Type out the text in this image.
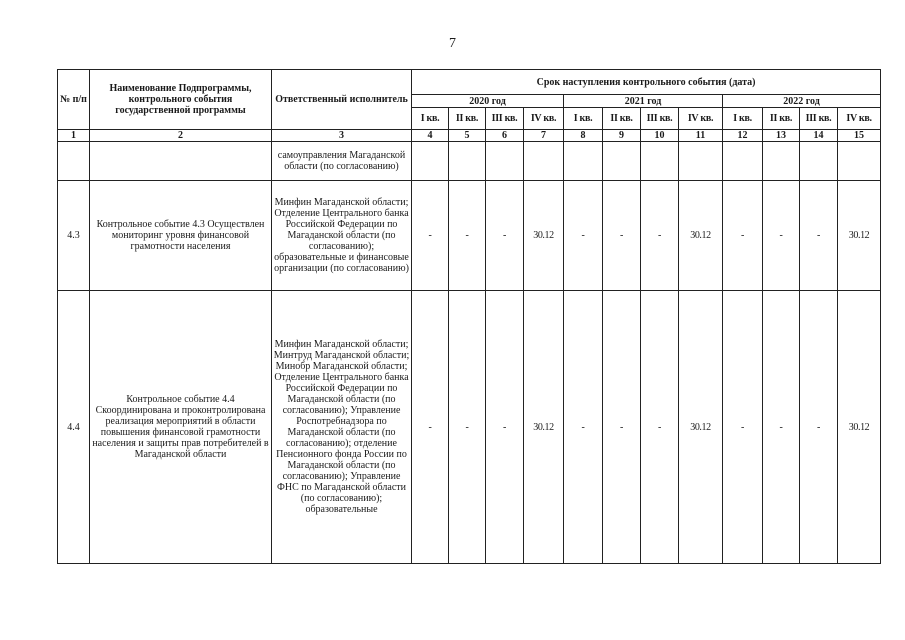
7
№ п/п	Наименование Подпрограммы, контрольного события государственной программы	Ответственный исполнитель	Срок наступления контрольного события (дата)											
			2020 год				2021 год				2022 год			
			I кв.	II кв.	III кв.	IV кв.	I кв.	II кв.	III кв.	IV кв.	I кв.	II кв.	III кв.	IV кв.
1	2	3	4	5	6	7	8	9	10	11	12	13	14	15
		самоуправления Магаданской области (по согласованию)												
4.3	Контрольное событие 4.3 Осуществлен мониторинг уровня финансовой грамотности населения	Минфин Магаданской области; Отделение Центрального банка Российской Федерации по Магаданской области (по согласованию); образовательные и финансовые организации (по согласованию)	-	-	-	30.12	-	-	-	30.12	-	-	-	30.12
4.4	Контрольное событие 4.4 Скоординирована и проконтролирована реализация мероприятий в области повышения финансовой грамотности населения и защиты прав потребителей в Магаданской области	Минфин Магаданской области; Минтруд Магаданской области; Минобр Магаданской области; Отделение Центрального банка Российской Федерации по Магаданской области (по согласованию); Управление Роспотребнадзора по Магаданской области (по согласованию); отделение Пенсионного фонда России по Магаданской области (по согласованию); Управление ФНС по Магаданской области (по согласованию); образовательные	-	-	-	30.12	-	-	-	30.12	-	-	-	30.12
